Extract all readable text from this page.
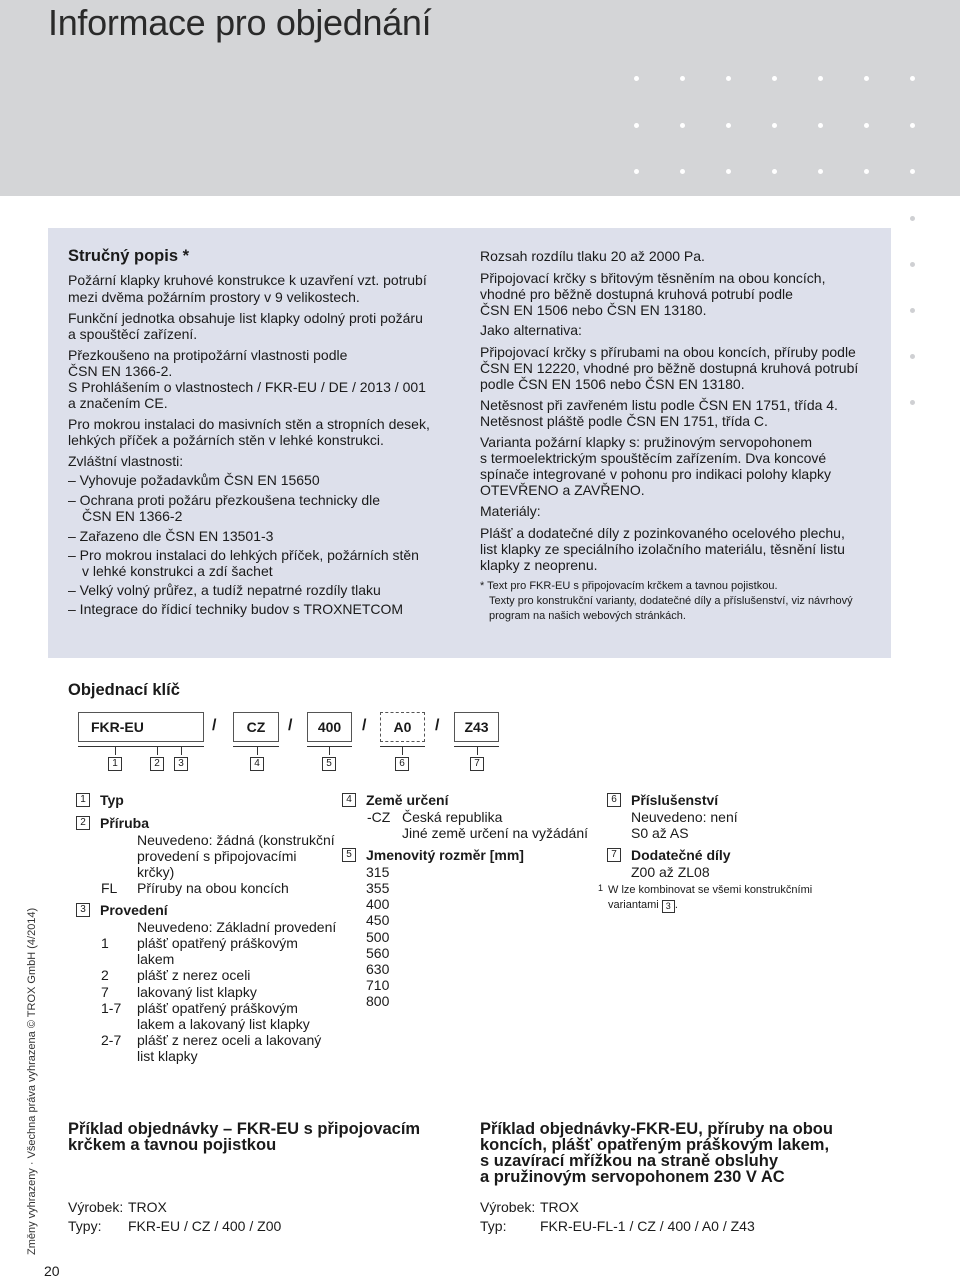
Informace pro objednání
Stručný popis *
Požární klapky kruhové konstrukce k uzavření vzt. potrubí
mezi dvěma požárním prostory v 9 velikostech.
Funkční jednotka obsahuje list klapky odolný proti požáru
a spouštěcí zařízení.
Přezkoušeno na protipožární vlastnosti podle
ČSN EN 1366-2.
S Prohlášením o vlastnostech / FKR-EU / DE / 2013 / 001
a značením CE.
Pro mokrou instalaci do masivních stěn a stropních desek,
lehkých příček a požárních stěn v lehké konstrukci.
Zvláštní vlastnosti:
– Vyhovuje požadavkům ČSN EN 15650
– Ochrana proti požáru přezkoušena technicky dle
ČSN EN 1366-2
– Zařazeno dle ČSN EN 13501-3
– Pro mokrou instalaci do lehkých příček, požárních stěn
v lehké konstrukci a zdí šachet
– Velký volný průřez, a tudíž nepatrné rozdíly tlaku
– Integrace do řídicí techniky budov s TROXNETCOM
Rozsah rozdílu tlaku 20 až 2000 Pa.
Připojovací krčky s břitovým těsněním na obou koncích,
vhodné pro běžně dostupná kruhová potrubí podle
ČSN EN 1506 nebo ČSN EN 13180.
Jako alternativa:
Připojovací krčky s přírubami na obou koncích, příruby podle
ČSN EN 12220, vhodné pro běžně dostupná kruhová potrubí
podle ČSN EN 1506 nebo ČSN EN 13180.
Netěsnost při zavřeném listu podle ČSN EN 1751, třída 4.
Netěsnost pláště podle ČSN EN 1751, třída C.
Varianta požární klapky s: pružinovým servopohonem
s termoelektrickým spouštěcím zařízením. Dva koncové
spínače integrované v pohonu pro indikaci polohy klapky
OTEVŘENO a ZAVŘENO.
Materiály:
Plášť a dodatečné díly z pozinkovaného ocelového plechu,
list klapky ze speciálního izolačního materiálu, těsnění listu
klapky z neoprenu.
* Text pro FKR-EU s připojovacím krčkem a tavnou pojistkou.
Texty pro konstrukční varianty, dodatečné díly a příslušenství, viz návrhový
program na našich webových stránkách.
Objednací klíč
FKR-EU	/ CZ / 400 / A0 / Z43
1	2	3	4	5	6	7
1	Typ
2	Příruba
Neuvedeno: žádná (konstrukční
provedení s připojovacími
krčky)
FL Příruby na obou koncích
3	Provedení
Neuvedeno: Základní provedení
1 plášť opatřený práškovým
lakem
2 plášť z nerez oceli
7 lakovaný list klapky
1-7 plášť opatřený práškovým
lakem a lakovaný list klapky
2-7 plášť z nerez oceli a lakovaný
list klapky
4	Země určení
-CZ Česká republika
Jiné země určení na vyžádání
5	Jmenovitý rozměr [mm]
315
355
400
450
500
560
630
710
800
6	Příslušenství
Neuvedeno: není
S0 až AS
7	Dodatečné díly
Z00 až ZL08
1 W lze kombinovat se všemi konstrukčními
variantami 3 .
Příklad objednávky – FKR-EU s připojovacím
krčkem a tavnou pojistkou
Výrobek: TROX
Typy: FKR-EU / CZ / 400 / Z00
Příklad objednávky-FKR-EU, příruby na obou
koncích, plášť opatřeným práškovým lakem,
s uzavírací mřížkou na straně obsluhy
a pružinovým servopohonem 230 V AC
Výrobek: TROX
Typ: FKR-EU-FL-1 / CZ / 400 / A0 / Z43
Změny vyhrazeny · Všechna práva vyhrazena © TROX GmbH (4/2014)
20
